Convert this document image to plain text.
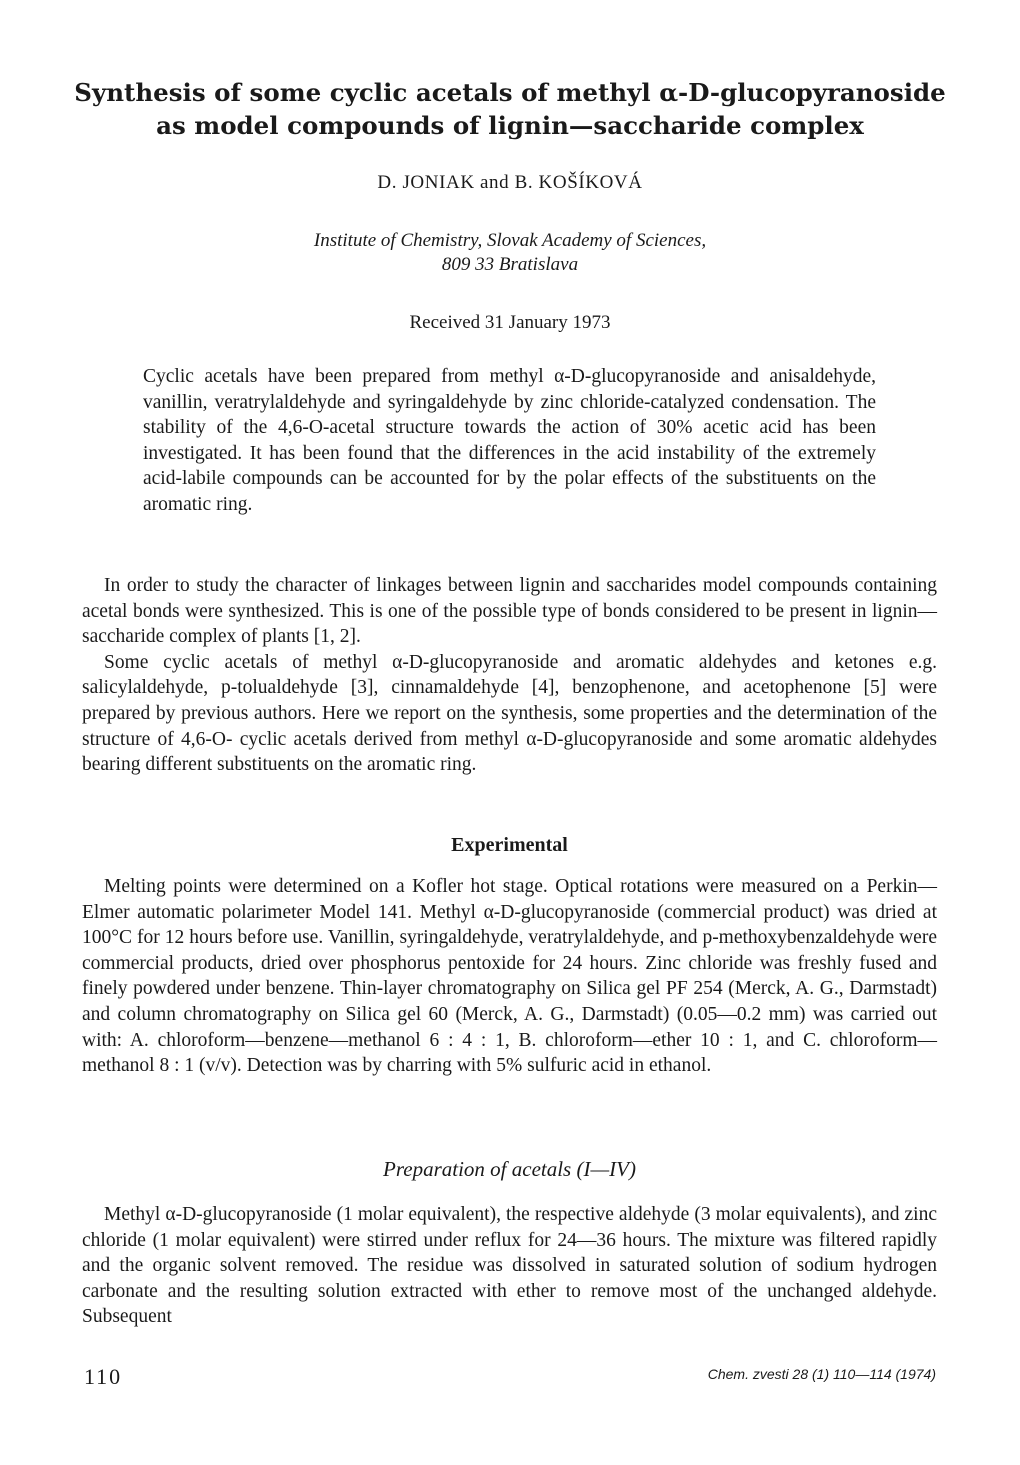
Synthesis of some cyclic acetals of methyl α-D-glucopyranoside
as model compounds of lignin—saccharide complex
D. JONIAK and B. KOŠÍKOVÁ
Institute of Chemistry, Slovak Academy of Sciences,
809 33 Bratislava
Received 31 January 1973
Cyclic acetals have been prepared from methyl α-D-glucopyranoside and anisaldehyde, vanillin, veratrylaldehyde and syringaldehyde by zinc chloride-catalyzed condensation. The stability of the 4,6-O-acetal structure towards the action of 30% acetic acid has been investigated. It has been found that the differences in the acid instability of the extremely acid-labile compounds can be accounted for by the polar effects of the substituents on the aromatic ring.

In order to study the character of linkages between lignin and saccharides model compounds containing acetal bonds were synthesized. This is one of the possible type of bonds considered to be present in lignin—saccharide complex of plants [1, 2].

Some cyclic acetals of methyl α-D-glucopyranoside and aromatic aldehydes and ketones e.g. salicylaldehyde, p-tolualdehyde [3], cinnamaldehyde [4], benzophenone, and acetophenone [5] were prepared by previous authors. Here we report on the synthesis, some properties and the determination of the structure of 4,6-O- cyclic acetals derived from methyl α-D-glucopyranoside and some aromatic aldehydes bearing different substituents on the aromatic ring.

Experimental

Melting points were determined on a Kofler hot stage. Optical rotations were measured on a Perkin—Elmer automatic polarimeter Model 141. Methyl α-D-glucopyranoside (commercial product) was dried at 100°C for 12 hours before use. Vanillin, syringaldehyde, veratrylaldehyde, and p-methoxybenzaldehyde were commercial products, dried over phosphorus pentoxide for 24 hours. Zinc chloride was freshly fused and finely powdered under benzene. Thin-layer chromatography on Silica gel PF 254 (Merck, A. G., Darmstadt) and column chromatography on Silica gel 60 (Merck, A. G., Darmstadt) (0.05—0.2 mm) was carried out with: A. chloroform—benzene—methanol 6 : 4 : 1, B. chloroform—ether 10 : 1, and C. chloroform—methanol 8 : 1 (v/v). Detection was by charring with 5% sulfuric acid in ethanol.

Preparation of acetals (I—IV)

Methyl α-D-glucopyranoside (1 molar equivalent), the respective aldehyde (3 molar equivalents), and zinc chloride (1 molar equivalent) were stirred under reflux for 24—36 hours. The mixture was filtered rapidly and the organic solvent removed. The residue was dissolved in saturated solution of sodium hydrogen carbonate and the resulting solution extracted with ether to remove most of the unchanged aldehyde. Subsequent

110	Chem. zvesti 28 (1) 110—114 (1974)
